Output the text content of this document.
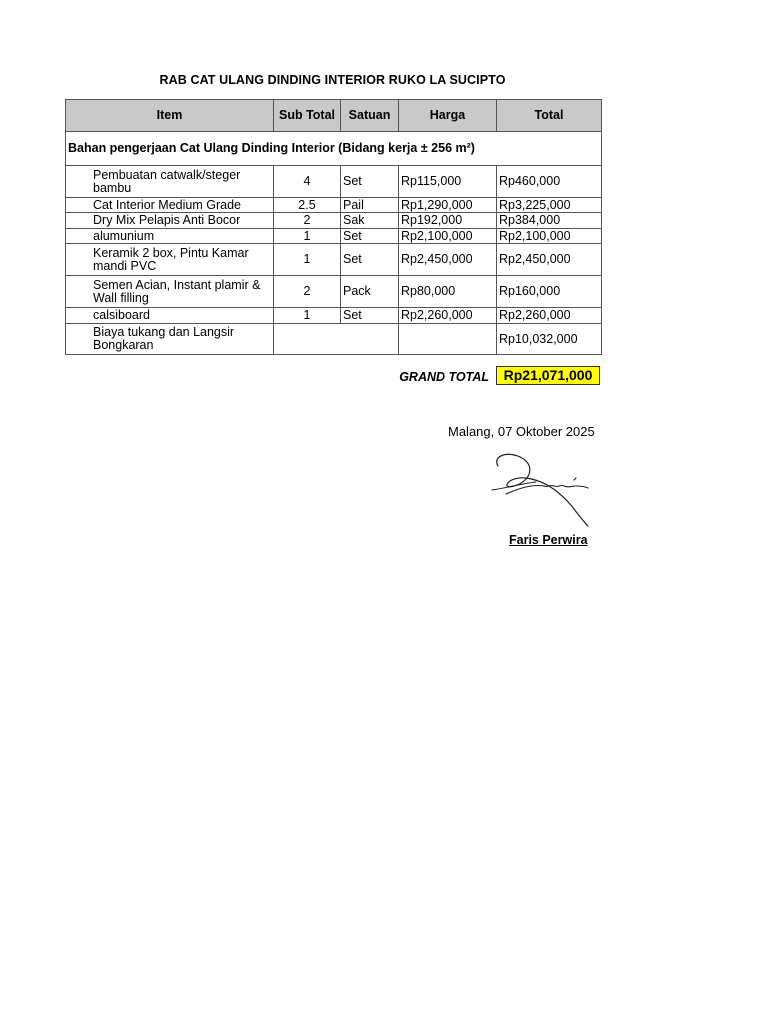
RAB CAT ULANG DINDING INTERIOR RUKO LA SUCIPTO
Item	Sub Total	Satuan	Harga	Total
Bahan pengerjaan Cat Ulang Dinding Interior (Bidang kerja ± 256 m²)				
Pembuatan catwalk/steger bambu	4	Set	Rp115,000	Rp460,000
Cat Interior Medium Grade	2.5	Pail	Rp1,290,000	Rp3,225,000
Dry Mix Pelapis Anti Bocor	2	Sak	Rp192,000	Rp384,000
alumunium	1	Set	Rp2,100,000	Rp2,100,000
Keramik 2 box, Pintu Kamar mandi PVC	1	Set	Rp2,450,000	Rp2,450,000
Semen Acian, Instant plamir & Wall filling	2	Pack	Rp80,000	Rp160,000
calsiboard	1	Set	Rp2,260,000	Rp2,260,000
Biaya tukang dan Langsir Bongkaran				Rp10,032,000
GRAND TOTAL	Rp21,071,000
Malang, 07 Oktober 2025
Faris Perwira
